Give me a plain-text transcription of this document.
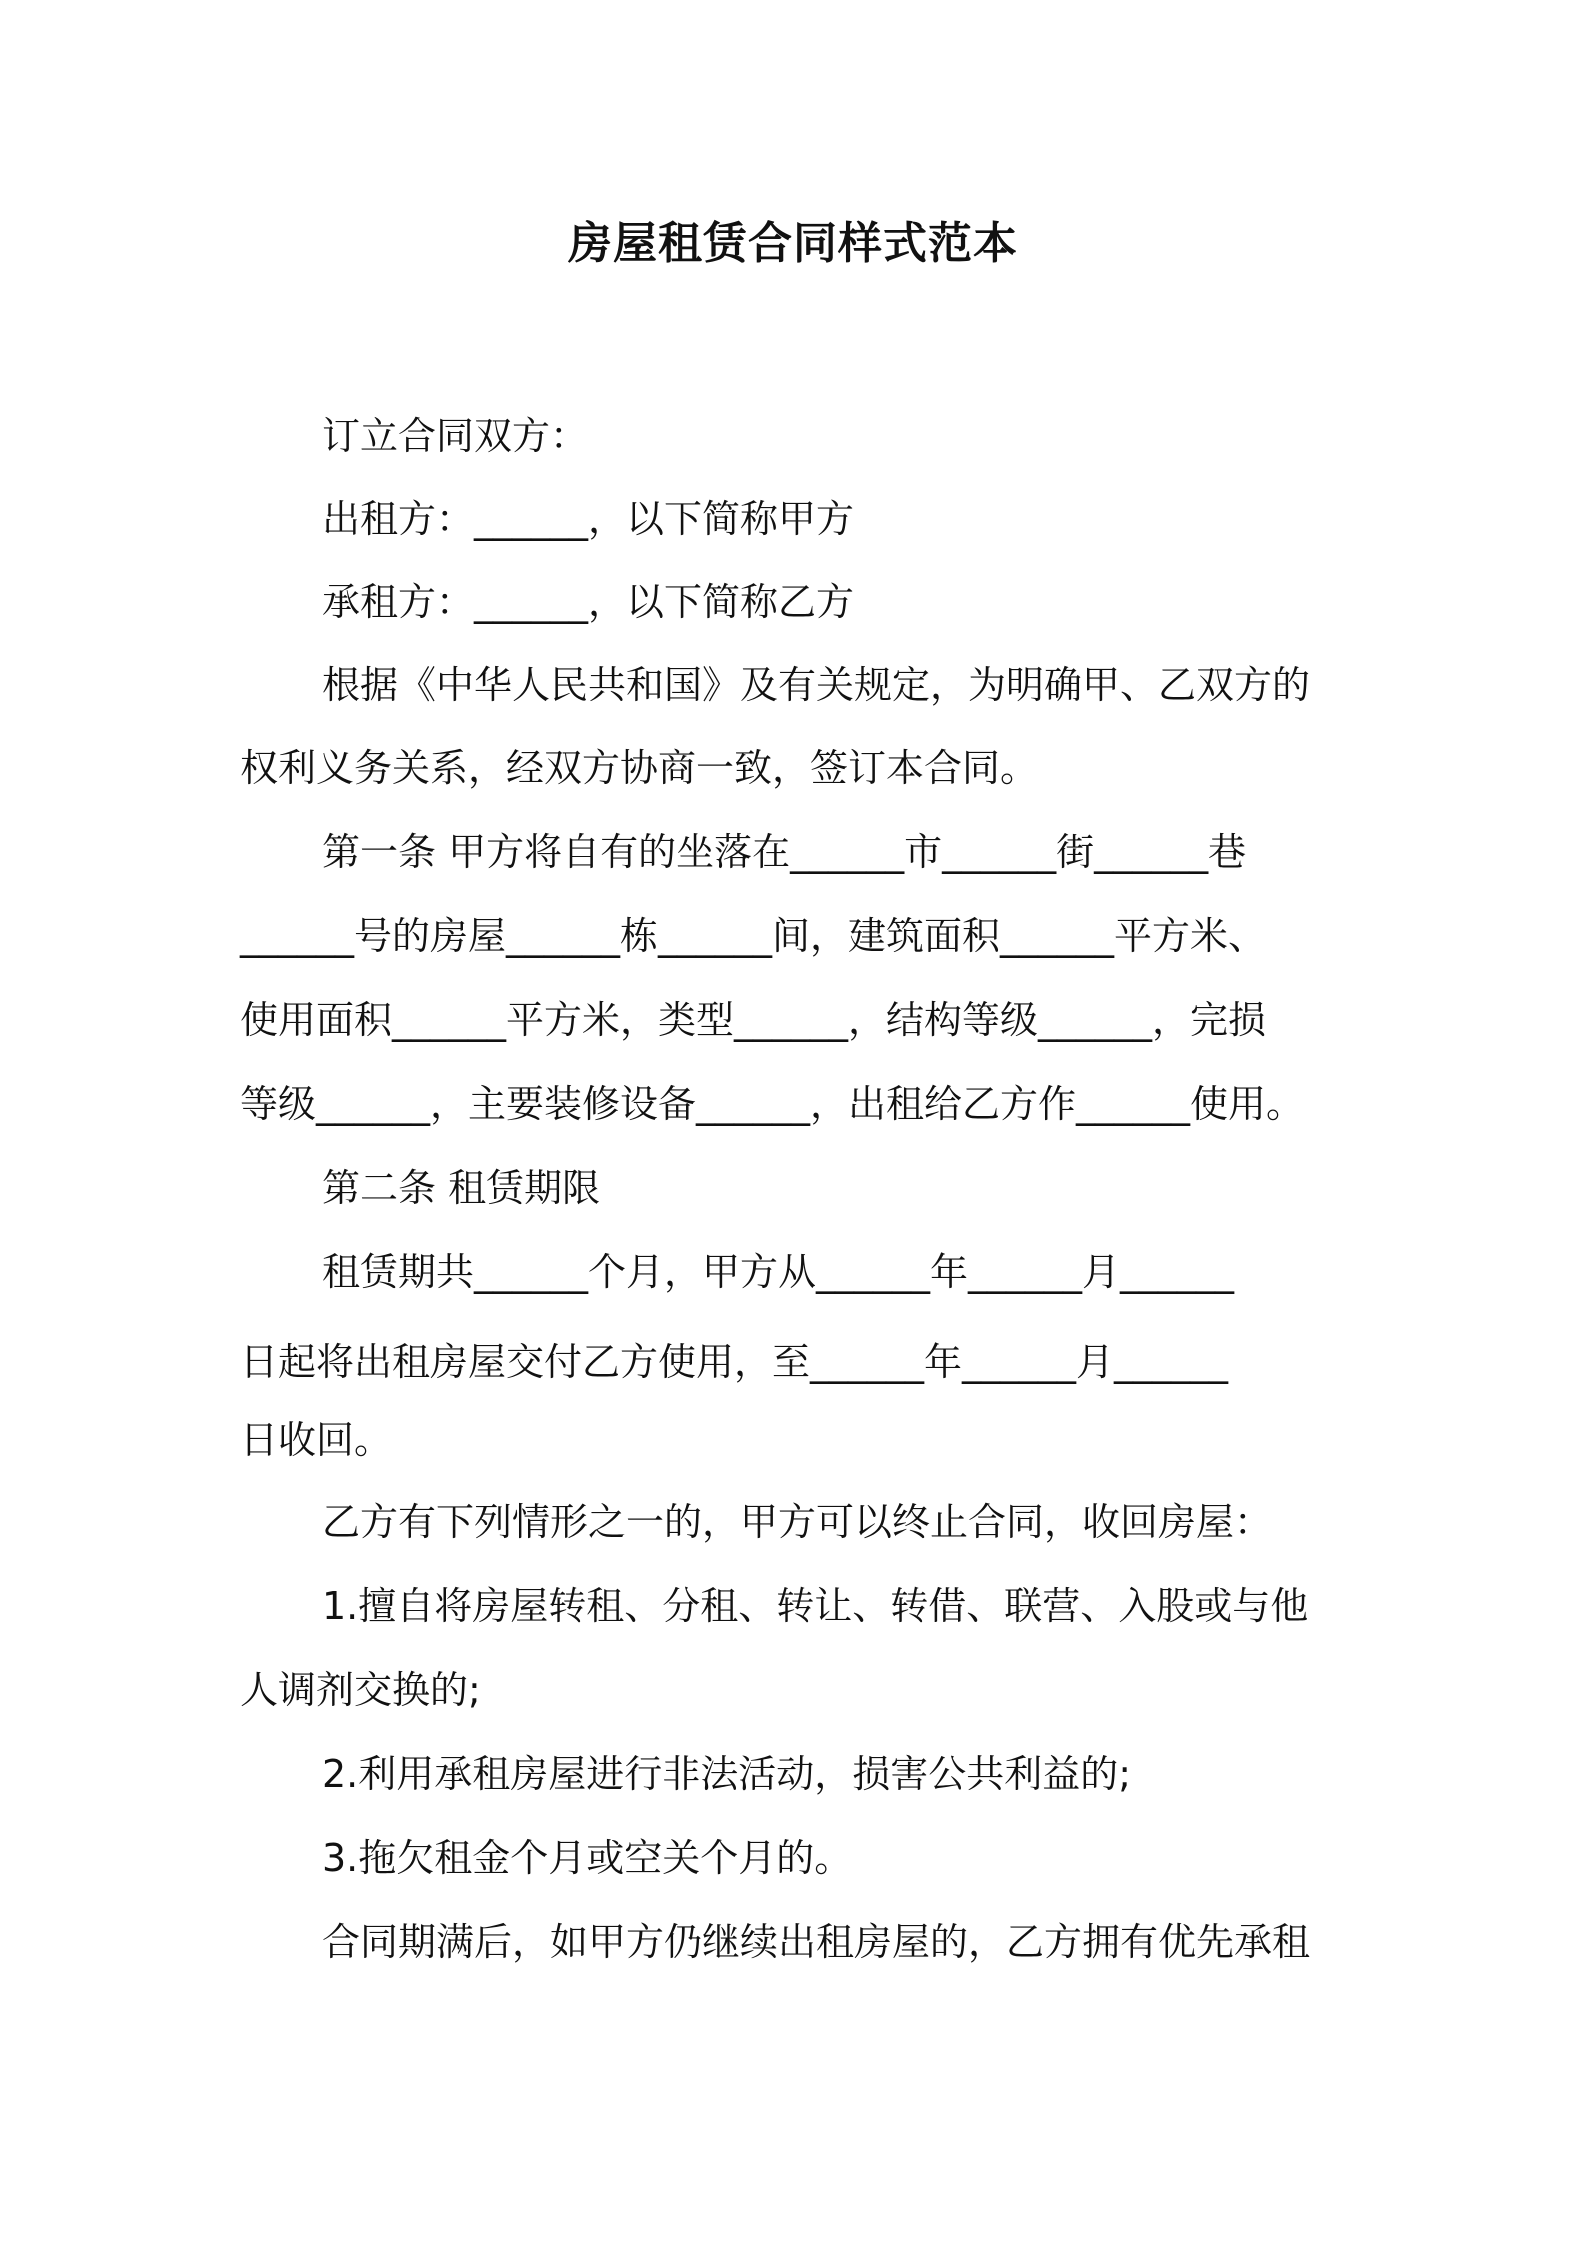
房屋租赁合同样式范本
订立合同双方：
出租方：______，以下简称甲方
承租方：______，以下简称乙方
根据《中华人民共和国》及有关规定，为明确甲、乙双方的
权利义务关系，经双方协商一致，签订本合同。
第一条 甲方将自有的坐落在______市______街______巷
______号的房屋______栋______间，建筑面积______平方米、
使用面积______平方米，类型______，结构等级______，完损
等级______，主要装修设备______，出租给乙方作______使用。
第二条 租赁期限
租赁期共______个月，甲方从______年______月______
日起将出租房屋交付乙方使用，至______年______月______
日收回。
乙方有下列情形之一的，甲方可以终止合同，收回房屋：
1.擅自将房屋转租、分租、转让、转借、联营、入股或与他
人调剂交换的;
2.利用承租房屋进行非法活动，损害公共利益的;
3.拖欠租金个月或空关个月的。
合同期满后，如甲方仍继续出租房屋的，乙方拥有优先承租
